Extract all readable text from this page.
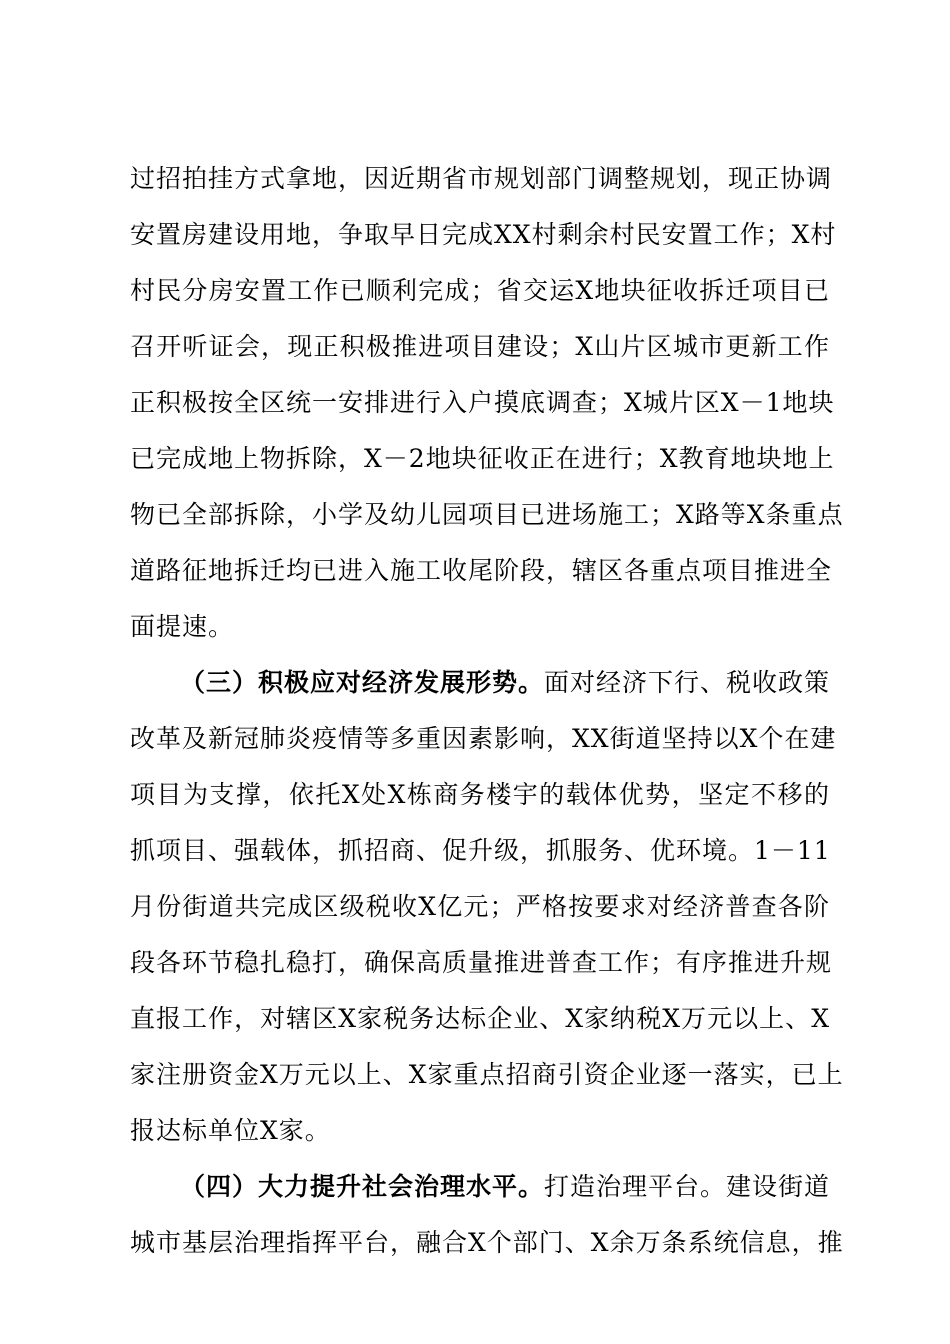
过招拍挂方式拿地，因近期省市规划部门调整规划，现正协调
安置房建设用地，争取早日完成XX村剩余村民安置工作；X村
村民分房安置工作已顺利完成；省交运X地块征收拆迁项目已
召开听证会，现正积极推进项目建设；X山片区城市更新工作
正积极按全区统一安排进行入户摸底调查；X城片区X－1地块
已完成地上物拆除，X－2地块征收正在进行；X教育地块地上
物已全部拆除，小学及幼儿园项目已进场施工；X路等X条重点
道路征地拆迁均已进入施工收尾阶段，辖区各重点项目推进全
面提速。
（三）积极应对经济发展形势。面对经济下行、税收政策
改革及新冠肺炎疫情等多重因素影响，XX街道坚持以X个在建
项目为支撑，依托X处X栋商务楼宇的载体优势，坚定不移的
抓项目、强载体，抓招商、促升级，抓服务、优环境。1－11
月份街道共完成区级税收X亿元；严格按要求对经济普查各阶
段各环节稳扎稳打，确保高质量推进普查工作；有序推进升规
直报工作，对辖区X家税务达标企业、X家纳税X万元以上、X
家注册资金X万元以上、X家重点招商引资企业逐一落实，已上
报达标单位X家。
（四）大力提升社会治理水平。打造治理平台。建设街道
城市基层治理指挥平台，融合X个部门、X余万条系统信息，推
